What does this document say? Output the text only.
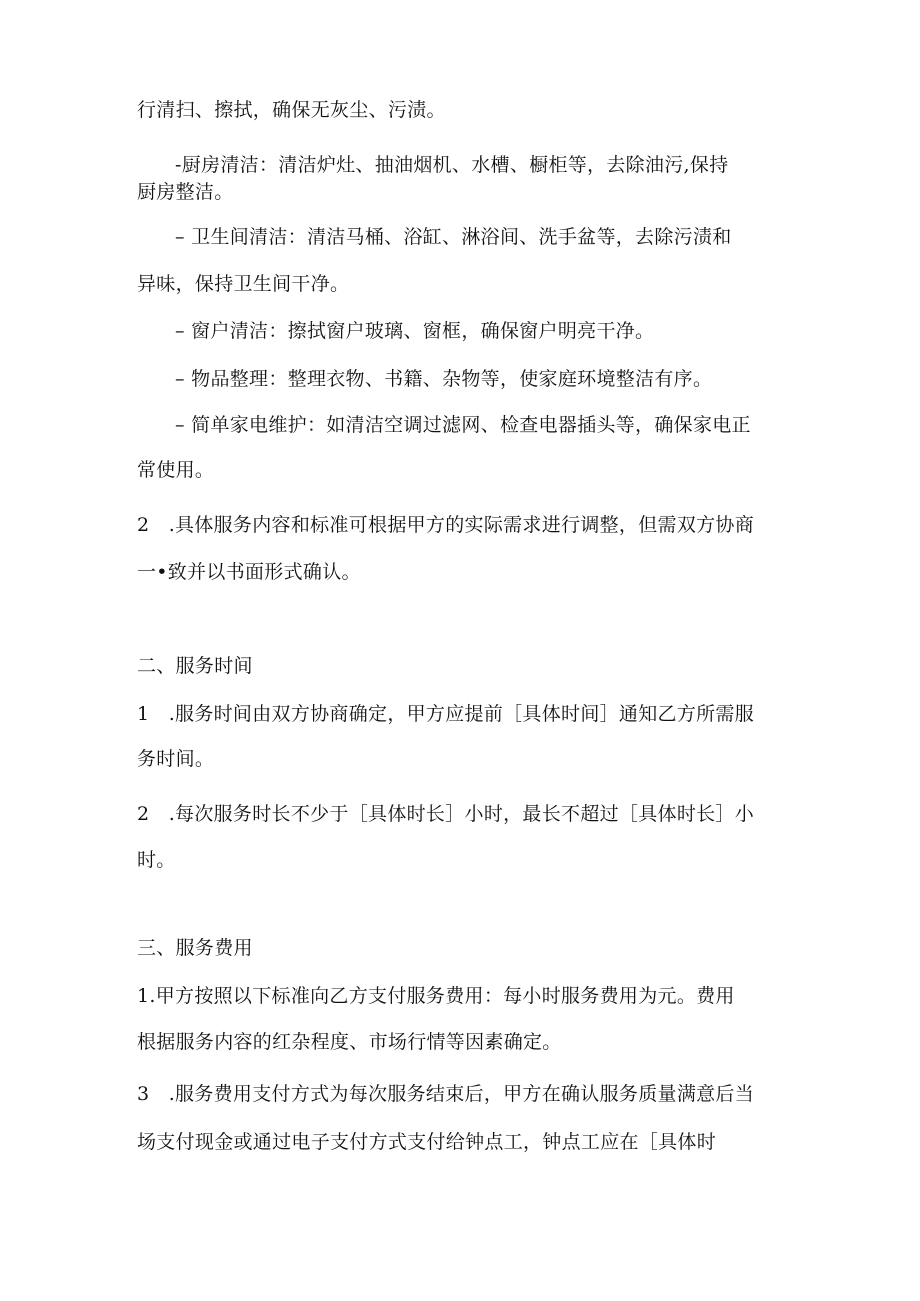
行清扫、擦拭，确保无灰尘、污渍。
-厨房清洁：清洁炉灶、抽油烟机、水槽、橱柜等，去除油污,保持
厨房整洁。
– 卫生间清洁：清洁马桶、浴缸、淋浴间、洗手盆等，去除污渍和
异味，保持卫生间干净。
– 窗户清洁：擦拭窗户玻璃、窗框，确保窗户明亮干净。
– 物品整理：整理衣物、书籍、杂物等，使家庭环境整洁有序。
– 简单家电维护：如清洁空调过滤网、检查电器插头等，确保家电正
常使用。
2　.具体服务内容和标准可根据甲方的实际需求进行调整，但需双方协商
一•致并以书面形式确认。
二、服务时间
1　.服务时间由双方协商确定，甲方应提前［具体时间］通知乙方所需服
务时间。
2　.每次服务时长不少于［具体时长］小时，最长不超过［具体时长］小
时。
三、服务费用
1.甲方按照以下标准向乙方支付服务费用：每小时服务费用为元。费用
根据服务内容的红杂程度、市场行情等因素确定。
3　.服务费用支付方式为每次服务结束后，甲方在确认服务质量满意后当
场支付现金或通过电子支付方式支付给钟点工，钟点工应在［具体时
